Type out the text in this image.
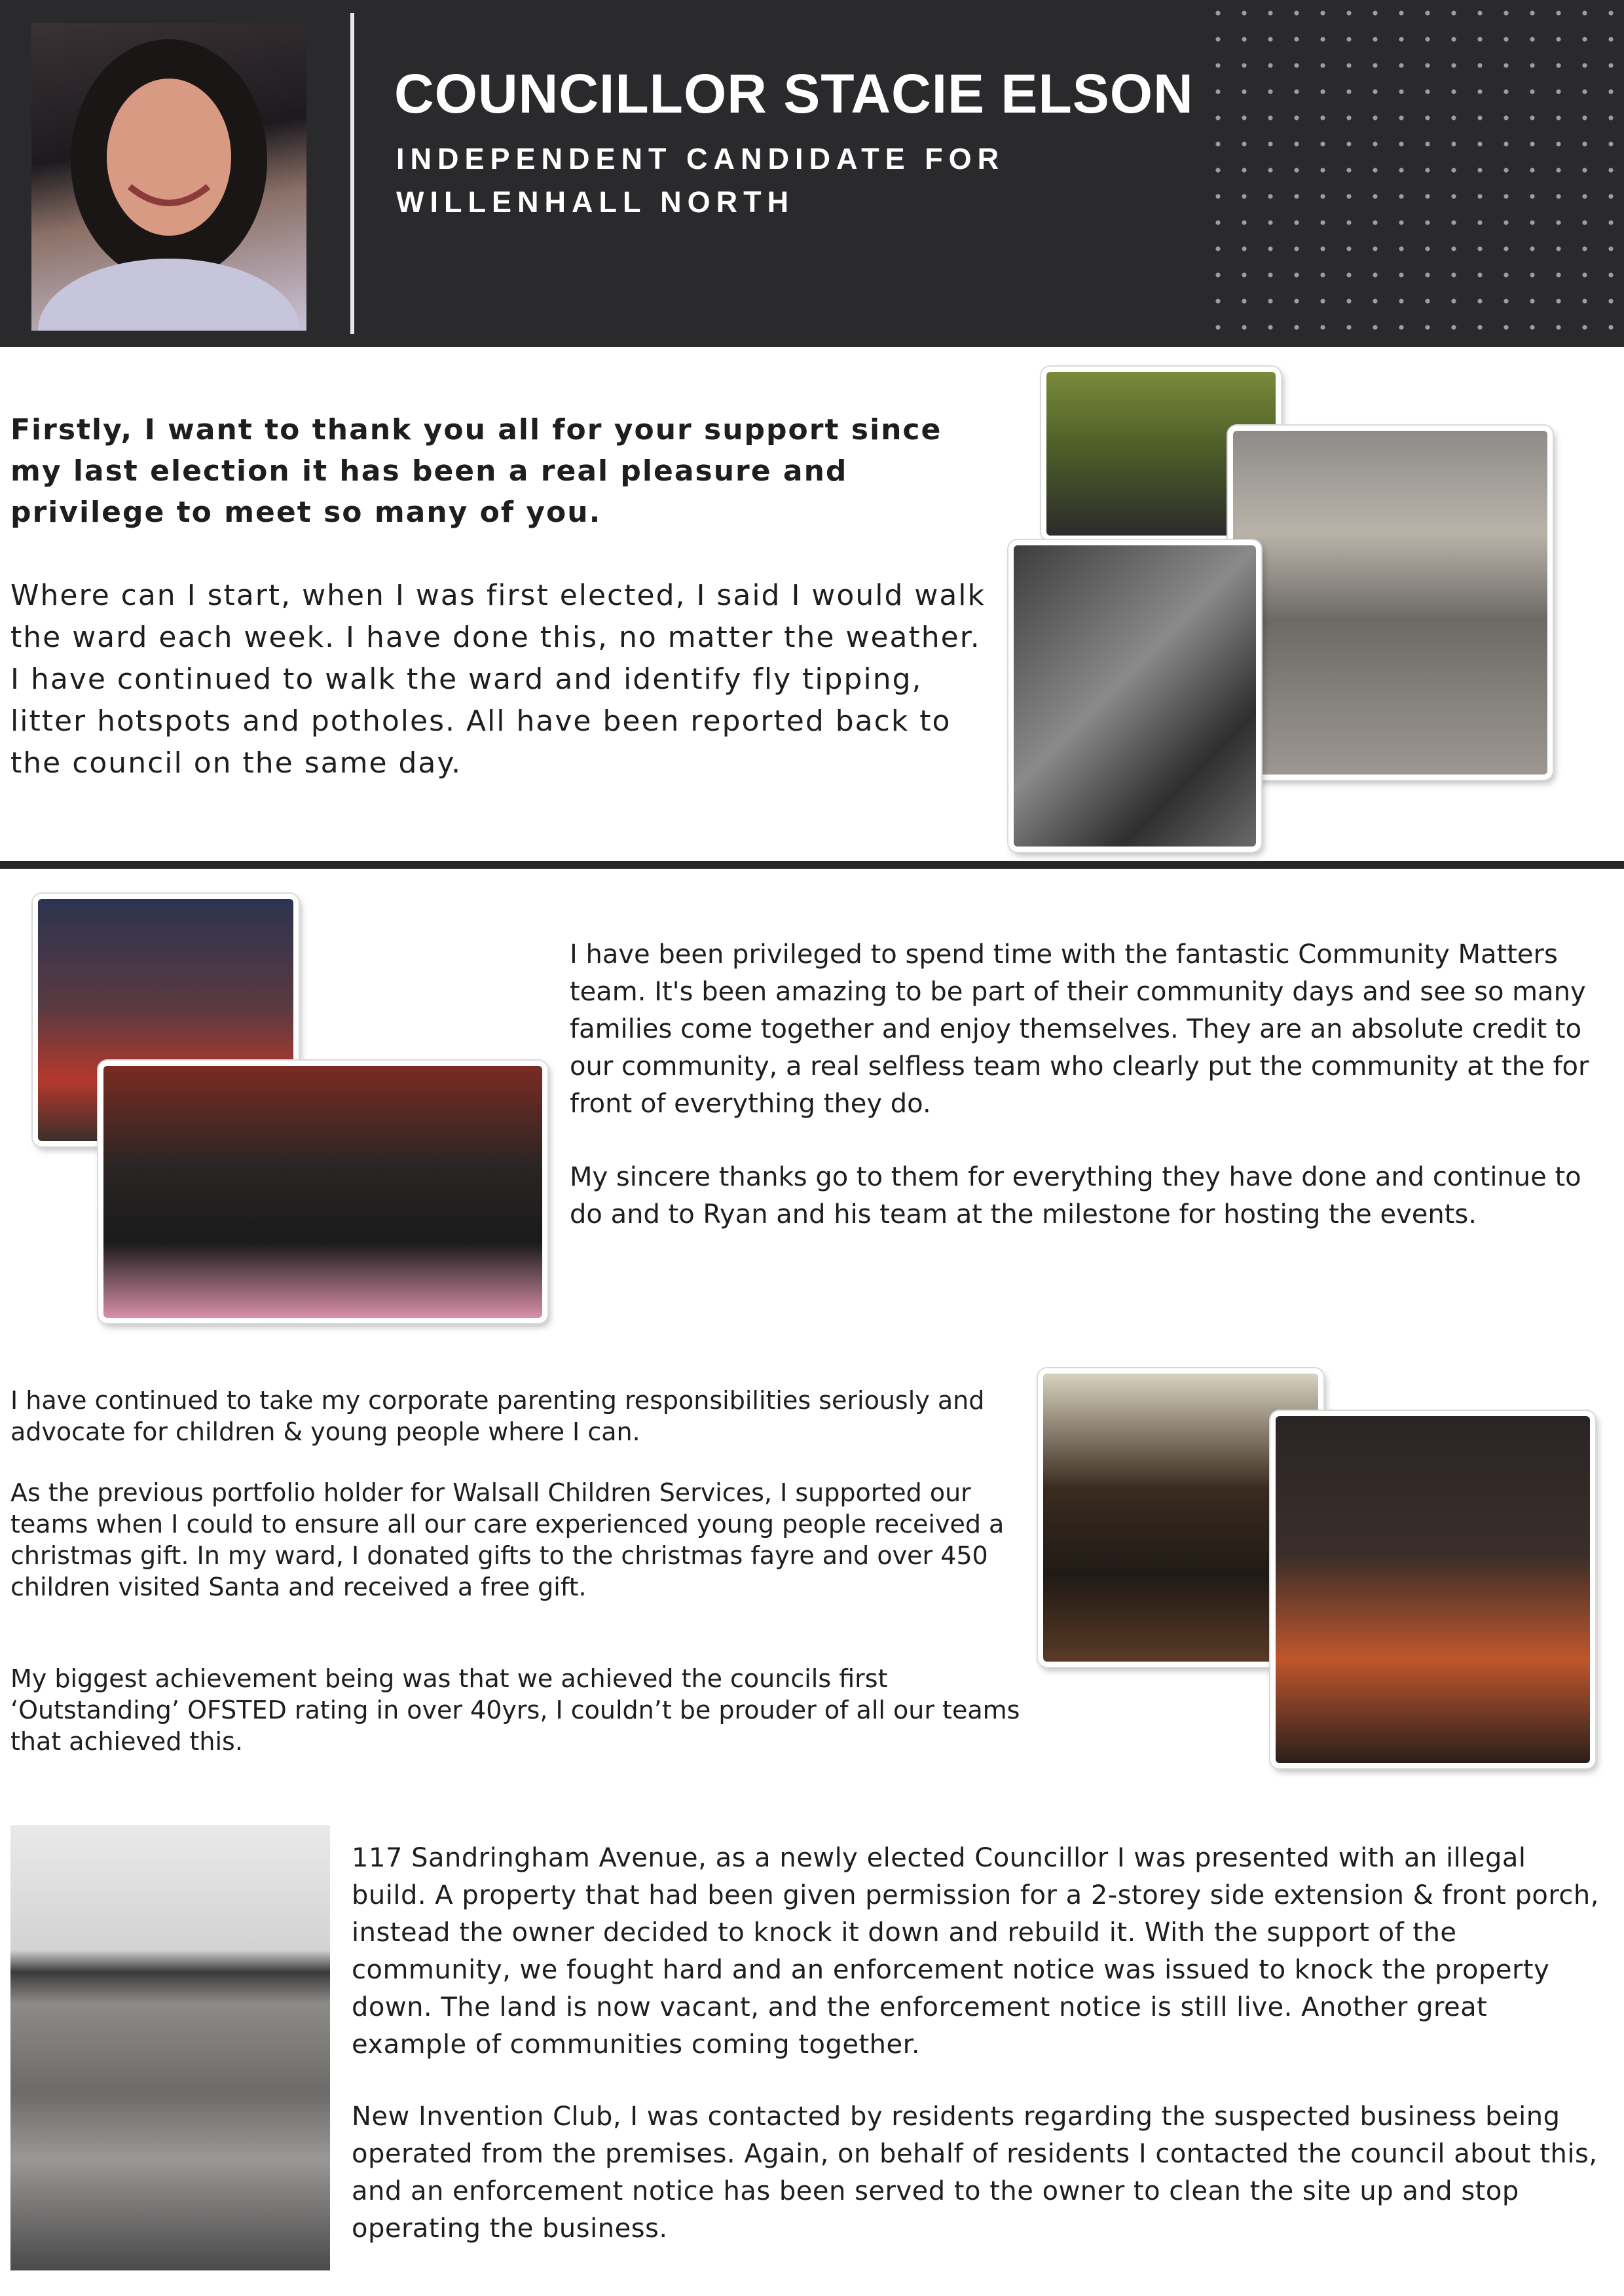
COUNCILLOR STACIE ELSON
INDEPENDENT CANDIDATE FOR
WILLENHALL NORTH
Firstly, I want to thank you all for your support since my last election it has been a real pleasure and privilege to meet so many of you.
Where can I start, when I was first elected, I said I would walk the ward each week. I have done this, no matter the weather. I have continued to walk the ward and identify fly tipping, litter hotspots and potholes. All have been reported back to the council on the same day.
I have been privileged to spend time with the fantastic Community Matters team. It's been amazing to be part of their community days and see so many families come together and enjoy themselves. They are an absolute credit to our community, a real selfless team who clearly put the community at the for front of everything they do.
My sincere thanks go to them for everything they have done and continue to do and to Ryan and his team at the milestone for hosting the events.
I have continued to take my corporate parenting responsibilities seriously and advocate for children & young people where I can.
As the previous portfolio holder for Walsall Children Services, I supported our teams when I could to ensure all our care experienced young people received a christmas gift. In my ward, I donated gifts to the christmas fayre and over 450 children visited Santa and received a free gift.
My biggest achievement being was that we achieved the councils first ‘Outstanding’ OFSTED rating in over 40yrs, I couldn’t be prouder of all our teams that achieved this.
117 Sandringham Avenue, as a newly elected Councillor I was presented with an illegal build. A property that had been given permission for a 2-storey side extension & front porch, instead the owner decided to knock it down and rebuild it. With the support of the community, we fought hard and an enforcement notice was issued to knock the property down. The land is now vacant, and the enforcement notice is still live. Another great example of communities coming together.
New Invention Club, I was contacted by residents regarding the suspected business being operated from the premises. Again, on behalf of residents I contacted the council about this, and an enforcement notice has been served to the owner to clean the site up and stop operating the business.
